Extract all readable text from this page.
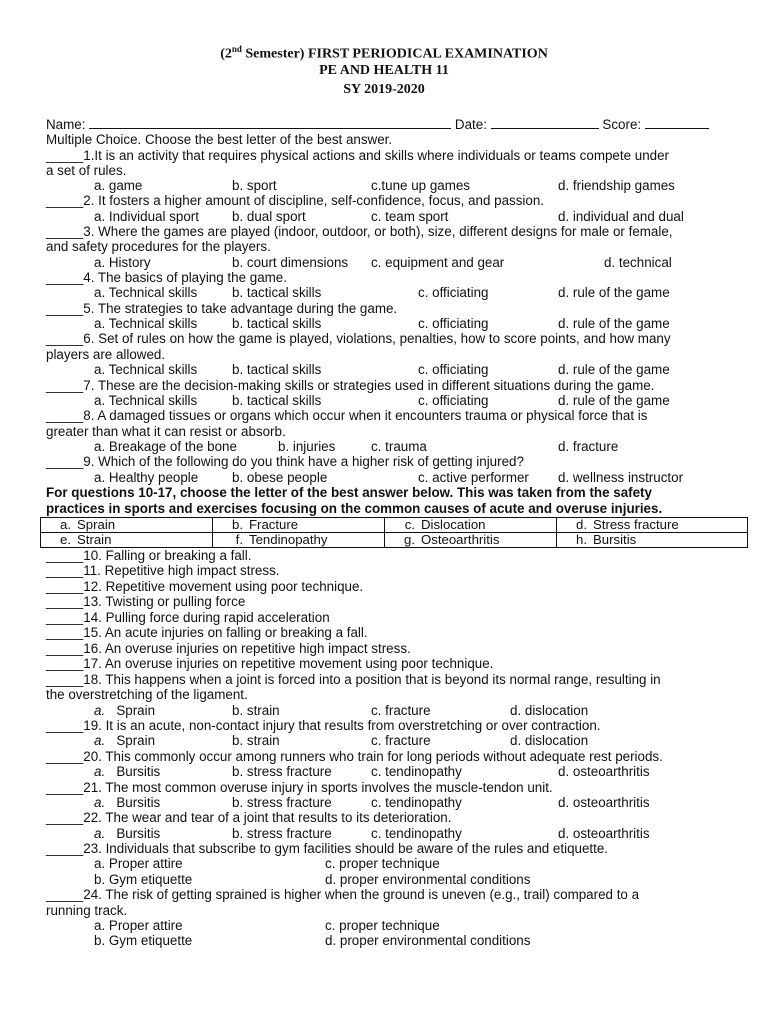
(2nd Semester) FIRST PERIODICAL EXAMINATION
PE AND HEALTH 11
SY 2019-2020
Name:	Date:	Score:
Multiple Choice. Choose the best letter of the best answer.
_____1.It is an activity that requires physical actions and skills where individuals or teams compete under
a set of rules.
a. game	b. sport	c.tune up games	d. friendship games
_____2. It fosters a higher amount of discipline, self-confidence, focus, and passion.
a. Individual sport b. dual sport	c. team sport	d. individual and dual
_____3. Where the games are played (indoor, outdoor, or both), size, different designs for male or female,
and safety procedures for the players.
a. History	b. court dimensions c. equipment and gear	d. technical
_____4. The basics of playing the game.
a. Technical skills	b. tactical skills	c. officiating	d. rule of the game
_____5. The strategies to take advantage during the game.
a. Technical skills	b. tactical skills	c. officiating	d. rule of the game
_____6. Set of rules on how the game is played, violations, penalties, how to score points, and how many
players are allowed.
a. Technical skills	b. tactical skills	c. officiating	d. rule of the game
_____7. These are the decision-making skills or strategies used in different situations during the game.
a. Technical skills	b. tactical skills	c. officiating	d. rule of the game
_____8. A damaged tissues or organs which occur when it encounters trauma or physical force that is
greater than what it can resist or absorb.
a. Breakage of the bone	b. injuries	c. trauma	d. fracture
_____9. Which of the following do you think have a higher risk of getting injured?
a. Healthy people	b. obese people	c. active performer d. wellness instructor
For questions 10-17, choose the letter of the best answer below. This was taken from the safety
practices in sports and exercises focusing on the common causes of acute and overuse injuries.
a. Sprain	b. Fracture	c. Dislocation	d. Stress fracture
e. Strain	f. Tendinopathy	g. Osteoarthritis	h. Bursitis
_____10. Falling or breaking a fall.
_____11. Repetitive high impact stress.
_____12. Repetitive movement using poor technique.
_____13. Twisting or pulling force
_____14. Pulling force during rapid acceleration
_____15. An acute injuries on falling or breaking a fall.
_____16. An overuse injuries on repetitive high impact stress.
_____17. An overuse injuries on repetitive movement using poor technique.
_____18. This happens when a joint is forced into a position that is beyond its normal range, resulting in
the overstretching of the ligament.
a. Sprain	b. strain	c. fracture	d. dislocation
_____19. It is an acute, non-contact injury that results from overstretching or over contraction.
a. Sprain	b. strain	c. fracture	d. dislocation
_____20. This commonly occur among runners who train for long periods without adequate rest periods.
a. Bursitis	b. stress fracture	c. tendinopathy	d. osteoarthritis
_____21. The most common overuse injury in sports involves the muscle-tendon unit.
a. Bursitis	b. stress fracture	c. tendinopathy	d. osteoarthritis
_____22. The wear and tear of a joint that results to its deterioration.
a. Bursitis	b. stress fracture	c. tendinopathy	d. osteoarthritis
_____23. Individuals that subscribe to gym facilities should be aware of the rules and etiquette.
a. Proper attire	c. proper technique
b. Gym etiquette	d. proper environmental conditions
_____24. The risk of getting sprained is higher when the ground is uneven (e.g., trail) compared to a
running track.
a. Proper attire	c. proper technique
b. Gym etiquette	d. proper environmental conditions
